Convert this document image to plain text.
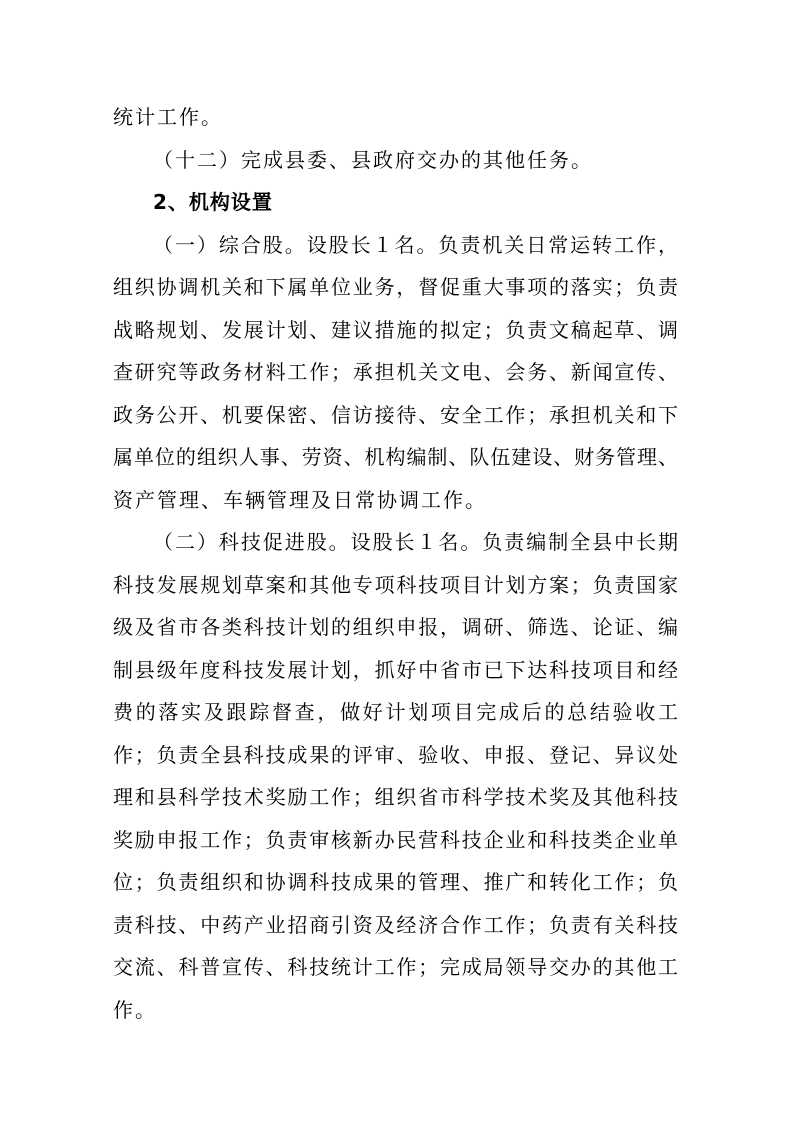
统计工作。
（十二）完成县委、县政府交办的其他任务。
2、机构设置
（一）综合股。设股长１名。负责机关日常运转工作，
组织协调机关和下属单位业务，督促重大事项的落实；负责
战略规划、发展计划、建议措施的拟定；负责文稿起草、调
查研究等政务材料工作；承担机关文电、会务、新闻宣传、
政务公开、机要保密、信访接待、安全工作；承担机关和下
属单位的组织人事、劳资、机构编制、队伍建设、财务管理、
资产管理、车辆管理及日常协调工作。
（二）科技促进股。设股长１名。负责编制全县中长期
科技发展规划草案和其他专项科技项目计划方案；负责国家
级及省市各类科技计划的组织申报，调研、筛选、论证、编
制县级年度科技发展计划，抓好中省市已下达科技项目和经
费的落实及跟踪督查，做好计划项目完成后的总结验收工
作；负责全县科技成果的评审、验收、申报、登记、异议处
理和县科学技术奖励工作；组织省市科学技术奖及其他科技
奖励申报工作；负责审核新办民营科技企业和科技类企业单
位；负责组织和协调科技成果的管理、推广和转化工作；负
责科技、中药产业招商引资及经济合作工作；负责有关科技
交流、科普宣传、科技统计工作；完成局领导交办的其他工
作。
